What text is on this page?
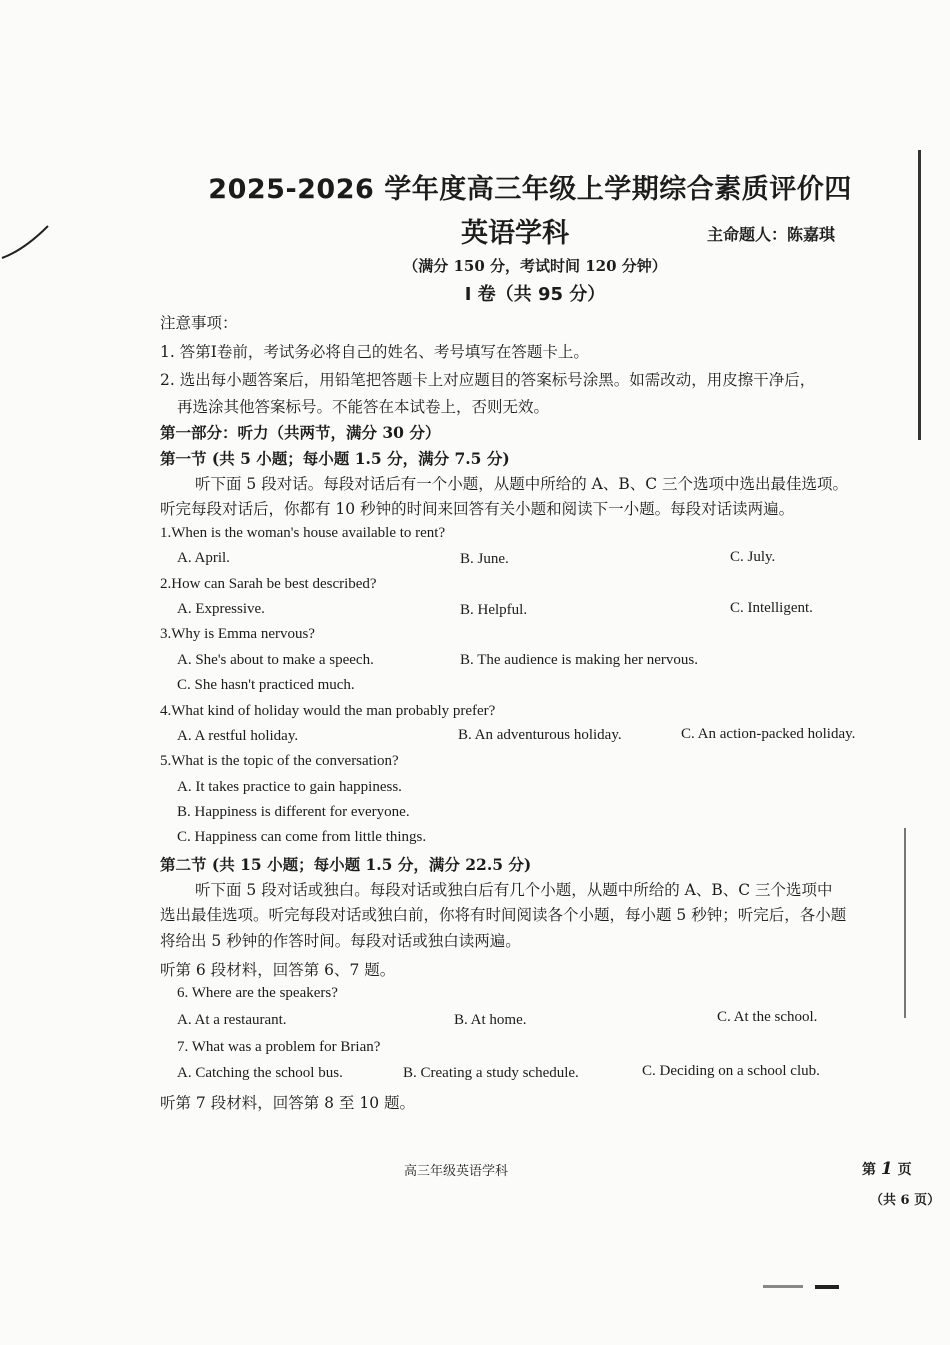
2025-2026 学年度高三年级上学期综合素质评价四
英语学科	主命题人：陈嘉琪
（满分 150 分，考试时间 120 分钟）
Ⅰ 卷（共 95 分）
注意事项：
1. 答第Ⅰ卷前，考试务必将自己的姓名、考号填写在答题卡上。
2. 选出每小题答案后，用铅笔把答题卡上对应题目的答案标号涂黑。如需改动，用皮擦干净后，
再选涂其他答案标号。不能答在本试卷上，否则无效。
第一部分：听力（共两节，满分 30 分）
第一节 (共 5 小题；每小题 1.5 分，满分 7.5 分)
听下面 5 段对话。每段对话后有一个小题，从题中所给的 A、B、C 三个选项中选出最佳选项。
听完每段对话后，你都有 10 秒钟的时间来回答有关小题和阅读下一小题。每段对话读两遍。
1.When is the woman's house available to rent?
A. April.	B. June.	C. July.
2.How can Sarah be best described?
A. Expressive.	B. Helpful.	C. Intelligent.
3.Why is Emma nervous?
A. She's about to make a speech.	B. The audience is making her nervous.
C. She hasn't practiced much.
4.What kind of holiday would the man probably prefer?
A. A restful holiday.	B. An adventurous holiday.	C. An action-packed holiday.
5.What is the topic of the conversation?
A. It takes practice to gain happiness.
B. Happiness is different for everyone.
C. Happiness can come from little things.
第二节 (共 15 小题；每小题 1.5 分，满分 22.5 分)
听下面 5 段对话或独白。每段对话或独白后有几个小题，从题中所给的 A、B、C 三个选项中
选出最佳选项。听完每段对话或独白前，你将有时间阅读各个小题，每小题 5 秒钟；听完后，各小题
将给出 5 秒钟的作答时间。每段对话或独白读两遍。
听第 6 段材料，回答第 6、7 题。
6. Where are the speakers?
A. At a restaurant.	B. At home.	C. At the school.
7. What was a problem for Brian?
A. Catching the school bus.	B. Creating a study schedule.	C. Deciding on a school club.
听第 7 段材料，回答第 8 至 10 题。
高三年级英语学科	第 1 页
（共 6 页）
